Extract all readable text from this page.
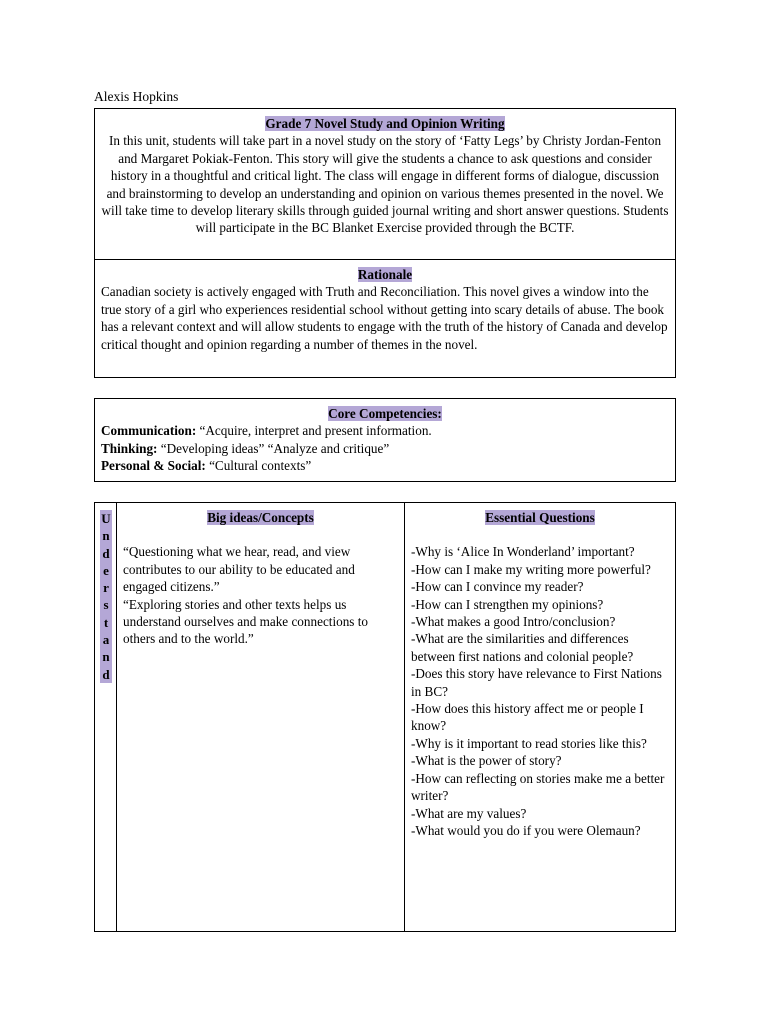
Alexis Hopkins
Grade 7 Novel Study and Opinion Writing
In this unit, students will take part in a novel study on the story of ‘Fatty Legs’ by Christy Jordan-Fenton and Margaret Pokiak-Fenton. This story will give the students a chance to ask questions and consider history in a thoughtful and critical light. The class will engage in different forms of dialogue, discussion and brainstorming to develop an understanding and opinion on various themes presented in the novel. We will take time to develop literary skills through guided journal writing and short answer questions. Students will participate in the BC Blanket Exercise provided through the BCTF.
Rationale
Canadian society is actively engaged with Truth and Reconciliation. This novel gives a window into the true story of a girl who experiences residential school without getting into scary details of abuse. The book has a relevant context and will allow students to engage with the truth of the history of Canada and develop critical thought and opinion regarding a number of themes in the novel.
Core Competencies:

Communication: “Acquire, interpret and present information.

Thinking: “Developing ideas” “Analyze and critique”

Personal & Social: “Cultural contexts”

U
n
d
e
r
s
t
a
n
d
Big ideas/Concepts

“Questioning what we hear, read, and view contributes to our ability to be educated and engaged citizens.”

“Exploring stories and other texts helps us understand ourselves and make connections to others and to the world.”

Essential Questions
-Why is ‘Alice In Wonderland’ important?
-How can I make my writing more powerful?
-How can I convince my reader?
-How can I strengthen my opinions?
-What makes a good Intro/conclusion?
-What are the similarities and differences between first nations and colonial people?
-Does this story have relevance to First Nations in BC?
-How does this history affect me or people I know?
-Why is it important to read stories like this?
-What is the power of story?
-How can reflecting on stories make me a better writer?
-What are my values?
-What would you do if you were Olemaun?
